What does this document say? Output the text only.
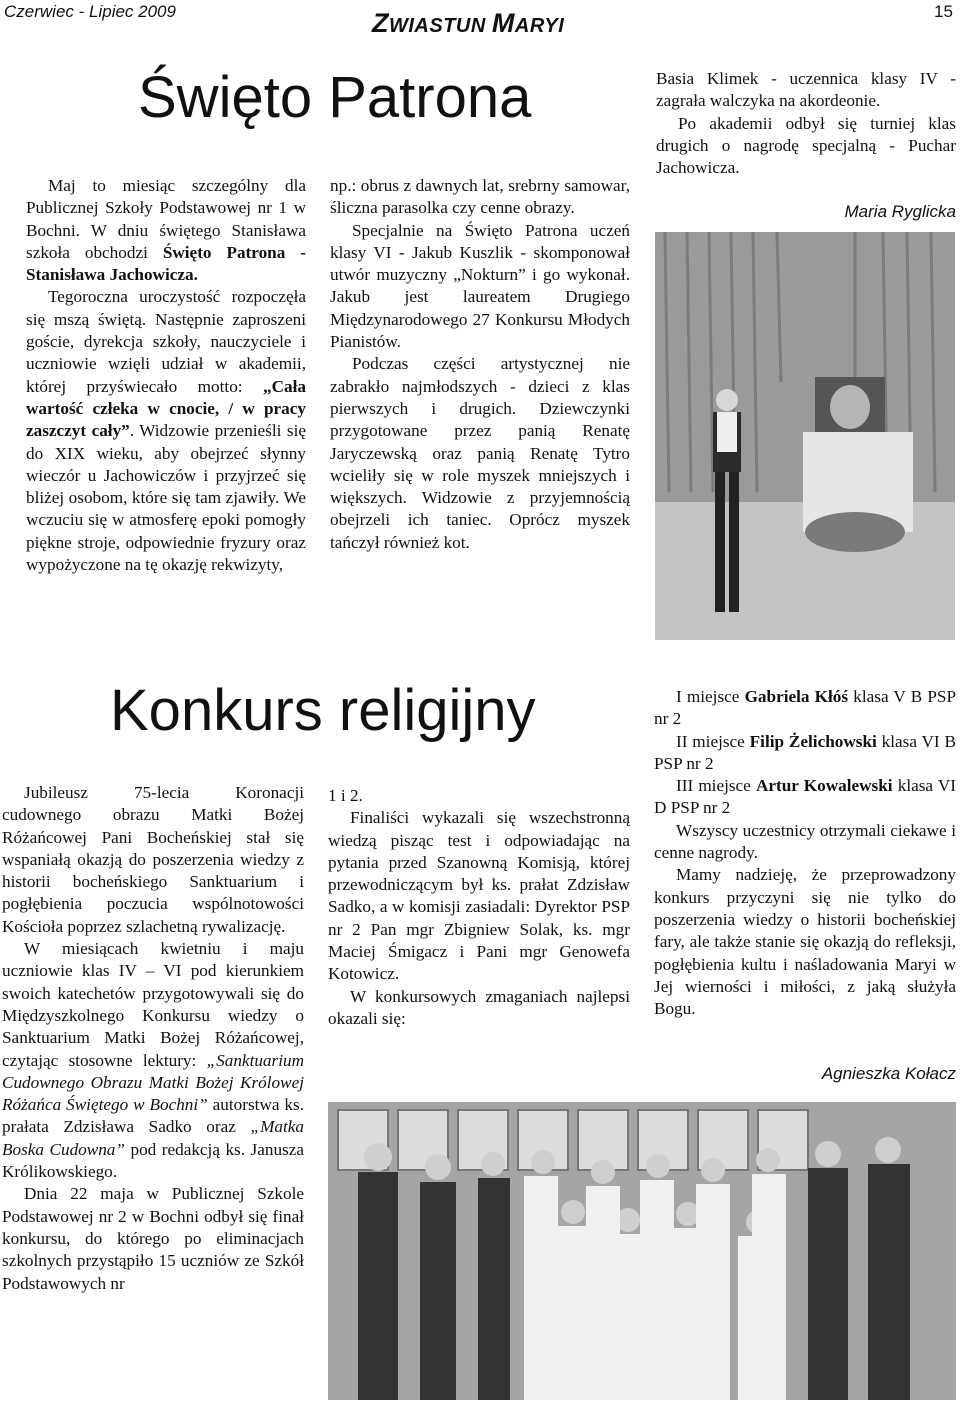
Czerwiec - Lipiec 2009	ZWIASTUN MARYI
15
Święto Patrona

Maj to miesiąc szczególny dla Publicznej Szkoły Podstawowej nr 1 w Bochni. W dniu świętego Stanisława szkoła obchodzi Święto Patrona - Stanisława Jachowicza.

Tegoroczna uroczystość rozpoczęła się mszą świętą. Następnie zaproszeni goście, dyrekcja szkoły, nauczyciele i uczniowie wzięli udział w akademii, której przyświecało motto: „Cała wartość człeka w cnocie, / w pracy zaszczyt cały”. Widzowie przenieśli się do XIX wieku, aby obejrzeć słynny wieczór u Jachowiczów i przyjrzeć się bliżej osobom, które się tam zjawiły. We wczuciu się w atmosferę epoki pomogły piękne stroje, odpowiednie fryzury oraz wypożyczone na tę okazję rekwizyty,

np.: obrus z dawnych lat, srebrny samowar, śliczna parasolka czy cenne obrazy.

Specjalnie na Święto Patrona uczeń klasy VI - Jakub Kuszlik - skomponował utwór muzyczny „Nokturn” i go wykonał. Jakub jest laureatem Drugiego Międzynarodowego 27 Konkursu Młodych Pianistów.

Podczas części artystycznej nie zabrakło najmłodszych - dzieci z klas pierwszych i drugich. Dziewczynki przygotowane przez panią Renatę Jaryczewską oraz panią Renatę Tytro wcieliły się w role myszek mniejszych i większych. Widzowie z przyjemnością obejrzeli ich taniec. Oprócz myszek tańczył również kot.

Basia Klimek - uczennica klasy IV - zagrała walczyka na akordeonie.

Po akademii odbył się turniej klas drugich o nagrodę specjalną - Puchar Jachowicza.

Maria Ryglicka
Konkurs religijny

Jubileusz 75-lecia Koronacji cudownego obrazu Matki Bożej Różańcowej Pani Bocheńskiej stał się wspaniałą okazją do poszerzenia wiedzy z historii bocheńskiego Sanktuarium i pogłębienia poczucia wspólnotowości Kościoła poprzez szlachetną rywalizację.

W miesiącach kwietniu i maju uczniowie klas IV – VI pod kierunkiem swoich katechetów przygotowywali się do Międzyszkolnego Konkursu wiedzy o Sanktuarium Matki Bożej Różańcowej, czytając stosowne lektury: „Sanktuarium Cudownego Obrazu Matki Bożej Królowej Różańca Świętego w Bochni” autorstwa ks. prałata Zdzisława Sadko oraz „Matka Boska Cudowna” pod redakcją ks. Janusza Królikowskiego.

Dnia 22 maja w Publicznej Szkole Podstawowej nr 2 w Bochni odbył się finał konkursu, do którego po eliminacjach szkolnych przystąpiło 15 uczniów ze Szkół Podstawowych nr

1 i 2.

Finaliści wykazali się wszechstronną wiedzą pisząc test i odpowiadając na pytania przed Szanowną Komisją, której przewodniczącym był ks. prałat Zdzisław Sadko, a w komisji zasiadali: Dyrektor PSP nr 2 Pan mgr Zbigniew Solak, ks. mgr Maciej Śmigacz i Pani mgr Genowefa Kotowicz.

W konkursowych zmaganiach najlepsi okazali się:

I miejsce Gabriela Kłóś klasa V B PSP nr 2

II miejsce Filip Żelichowski klasa VI B PSP nr 2

III miejsce Artur Kowalewski klasa VI D PSP nr 2

Wszyscy uczestnicy otrzymali ciekawe i cenne nagrody.

Mamy nadzieję, że przeprowadzony konkurs przyczyni się nie tylko do poszerzenia wiedzy o historii bocheńskiej fary, ale także stanie się okazją do refleksji, pogłębienia kultu i naśladowania Maryi w Jej wierności i miłości, z jaką służyła Bogu.

Agnieszka Kołacz
